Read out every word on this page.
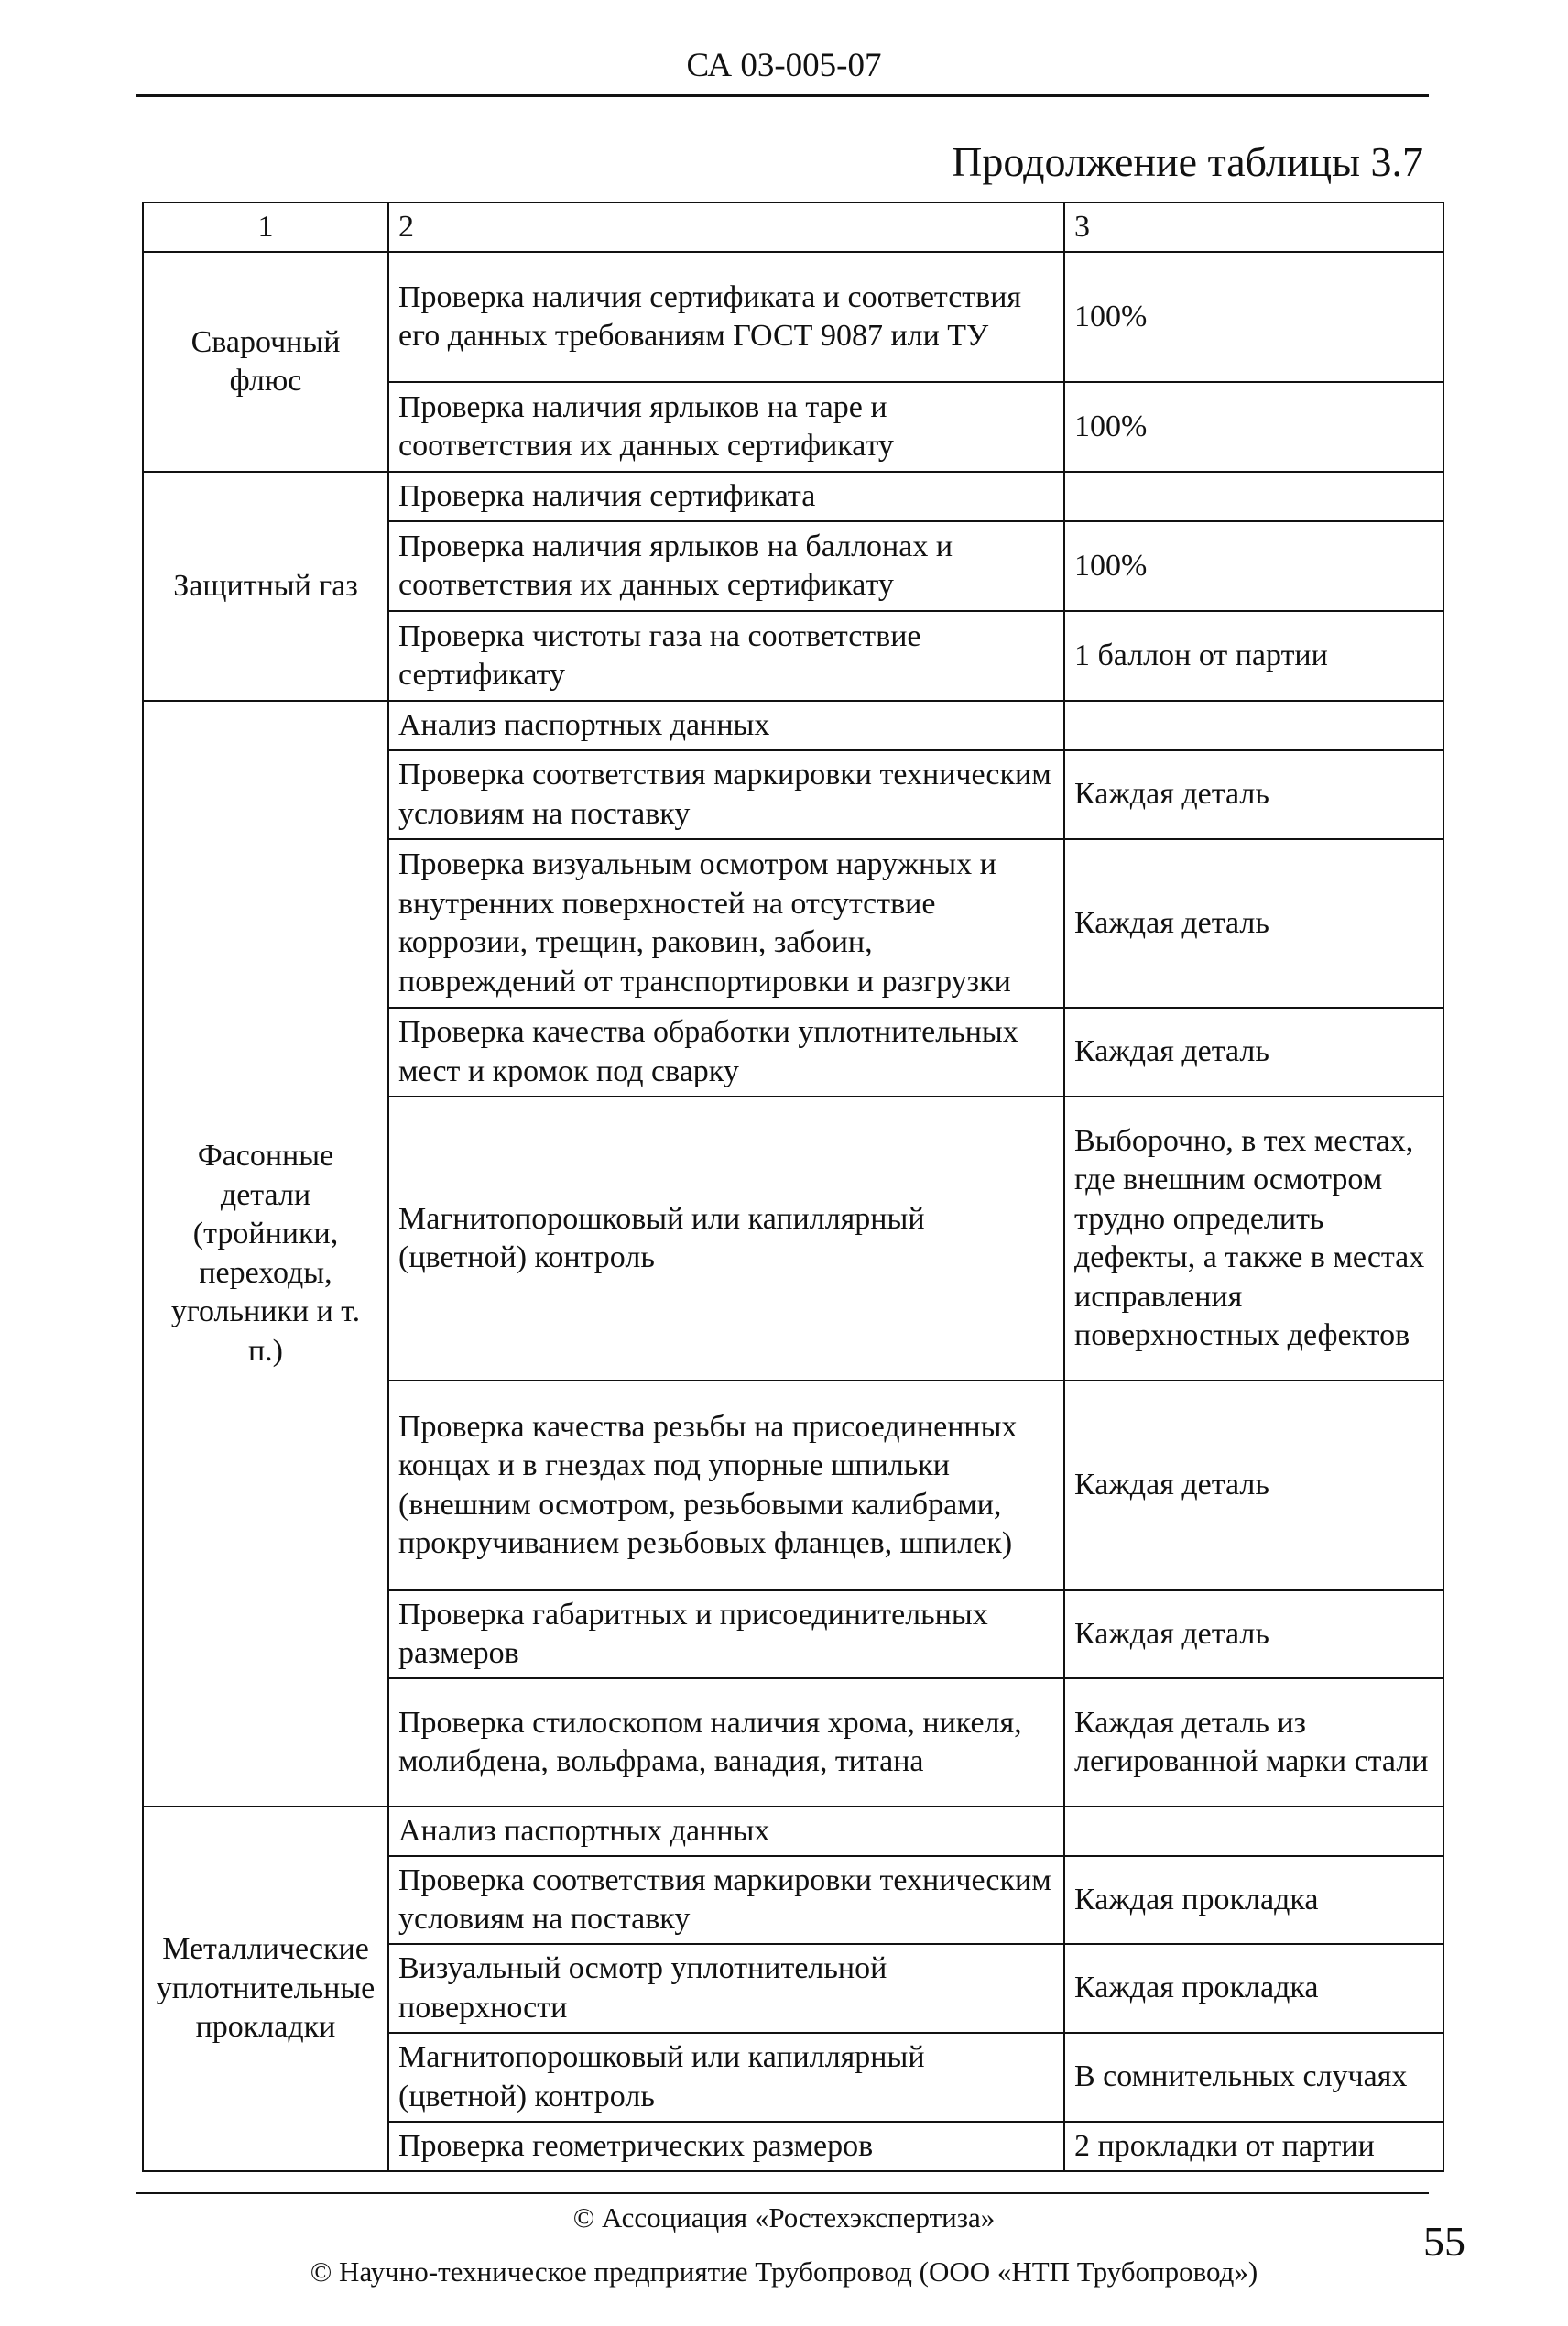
СА 03-005-07
Продолжение таблицы 3.7
1	2	3
Сварочный флюс	Проверка наличия сертификата и соответствия его данных требованиям ГОСТ 9087 или ТУ	100%
	Проверка наличия ярлыков на таре и соответствия их данных сертификату	100%
Защитный газ	Проверка наличия сертификата	
	Проверка наличия ярлыков на баллонах и соответствия их данных сертификату	100%
	Проверка чистоты газа на соответствие сертификату	1 баллон от партии
Фасонные детали (тройники, переходы, угольники и т. п.)	Анализ паспортных данных	
	Проверка соответствия маркировки техническим условиям на поставку	Каждая деталь
	Проверка визуальным осмотром наружных и внутренних поверхностей на отсутствие коррозии, трещин, раковин, забоин, повреждений от транспортировки и разгрузки	Каждая деталь
	Проверка качества обработки уплотнительных мест и кромок под сварку	Каждая деталь
	Магнитопорошковый или капиллярный (цветной) контроль	Выборочно, в тех местах, где внешним осмотром трудно определить дефекты, а также в местах исправления поверхностных дефектов
	Проверка качества резьбы на присоединенных концах и в гнездах под упорные шпильки (внешним осмотром, резьбовыми калибрами, прокручиванием резьбовых фланцев, шпилек)	Каждая деталь
	Проверка габаритных и присоединительных размеров	Каждая деталь
	Проверка стилоскопом наличия хрома, никеля, молибдена, вольфрама, ванадия, титана	Каждая деталь из легированной марки стали
Металлические уплотнительные прокладки	Анализ паспортных данных	
	Проверка соответствия маркировки техническим условиям на поставку	Каждая прокладка
	Визуальный осмотр уплотнительной поверхности	Каждая прокладка
	Магнитопорошковый или капиллярный (цветной) контроль	В сомнительных случаях
	Проверка геометрических размеров	2 прокладки от партии
© Ассоциация «Ростехэкспертиза»
© Научно-техническое предприятие Трубопровод (ООО «НТП Трубопровод»)
55
